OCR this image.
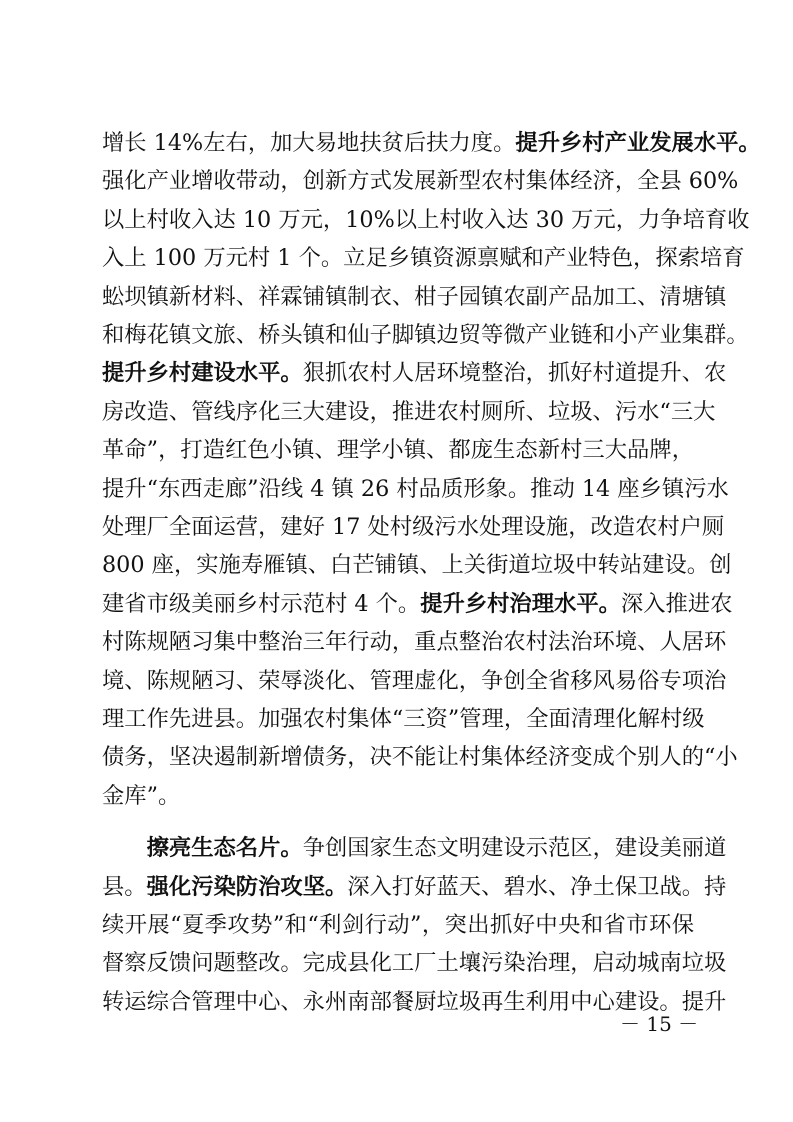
增长 14%左右，加大易地扶贫后扶力度。提升乡村产业发展水平。
强化产业增收带动，创新方式发展新型农村集体经济，全县 60%
以上村收入达 10 万元，10%以上村收入达 30 万元，力争培育收
入上 100 万元村 1 个。立足乡镇资源禀赋和产业特色，探索培育
蚣坝镇新材料、祥霖铺镇制衣、柑子园镇农副产品加工、清塘镇
和梅花镇文旅、桥头镇和仙子脚镇边贸等微产业链和小产业集群。
提升乡村建设水平。狠抓农村人居环境整治，抓好村道提升、农
房改造、管线序化三大建设，推进农村厕所、垃圾、污水“三大
革命”，打造红色小镇、理学小镇、都庞生态新村三大品牌，
提升“东西走廊”沿线 4 镇 26 村品质形象。推动 14 座乡镇污水
处理厂全面运营，建好 17 处村级污水处理设施，改造农村户厕
800 座，实施寿雁镇、白芒铺镇、上关街道垃圾中转站建设。创
建省市级美丽乡村示范村 4 个。提升乡村治理水平。深入推进农
村陈规陋习集中整治三年行动，重点整治农村法治环境、人居环
境、陈规陋习、荣辱淡化、管理虚化，争创全省移风易俗专项治
理工作先进县。加强农村集体“三资”管理，全面清理化解村级
债务，坚决遏制新增债务，决不能让村集体经济变成个别人的“小
金库”。
　　擦亮生态名片。争创国家生态文明建设示范区，建设美丽道
县。强化污染防治攻坚。深入打好蓝天、碧水、净土保卫战。持
续开展“夏季攻势”和“利剑行动”，突出抓好中央和省市环保
督察反馈问题整改。完成县化工厂土壤污染治理，启动城南垃圾
转运综合管理中心、永州南部餐厨垃圾再生利用中心建设。提升
－ 15 －
